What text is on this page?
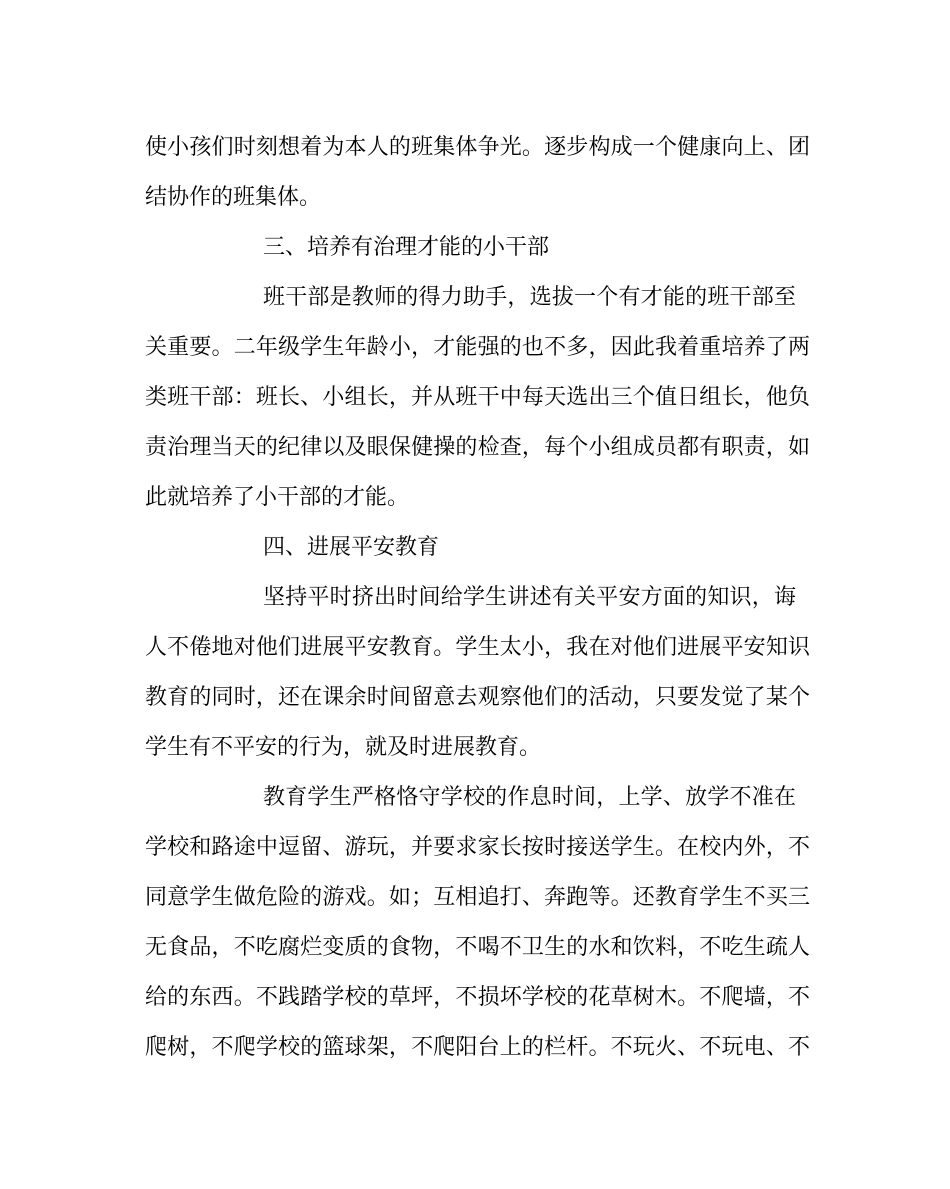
使小孩们时刻想着为本人的班集体争光。逐步构成一个健康向上、团

结协作的班集体。

三、培养有治理才能的小干部

班干部是教师的得力助手，选拔一个有才能的班干部至

关重要。二年级学生年龄小，才能强的也不多，因此我着重培养了两

类班干部：班长、小组长，并从班干中每天选出三个值日组长，他负

责治理当天的纪律以及眼保健操的检查，每个小组成员都有职责，如

此就培养了小干部的才能。

四、进展平安教育

坚持平时挤出时间给学生讲述有关平安方面的知识，诲

人不倦地对他们进展平安教育。学生太小，我在对他们进展平安知识

教育的同时，还在课余时间留意去观察他们的活动，只要发觉了某个

学生有不平安的行为，就及时进展教育。

教育学生严格恪守学校的作息时间，上学、放学不准在

学校和路途中逗留、游玩，并要求家长按时接送学生。在校内外，不

同意学生做危险的游戏。如；互相追打、奔跑等。还教育学生不买三

无食品，不吃腐烂变质的食物，不喝不卫生的水和饮料，不吃生疏人

给的东西。不践踏学校的草坪，不损坏学校的花草树木。不爬墙，不

爬树，不爬学校的篮球架，不爬阳台上的栏杆。不玩火、不玩电、不
